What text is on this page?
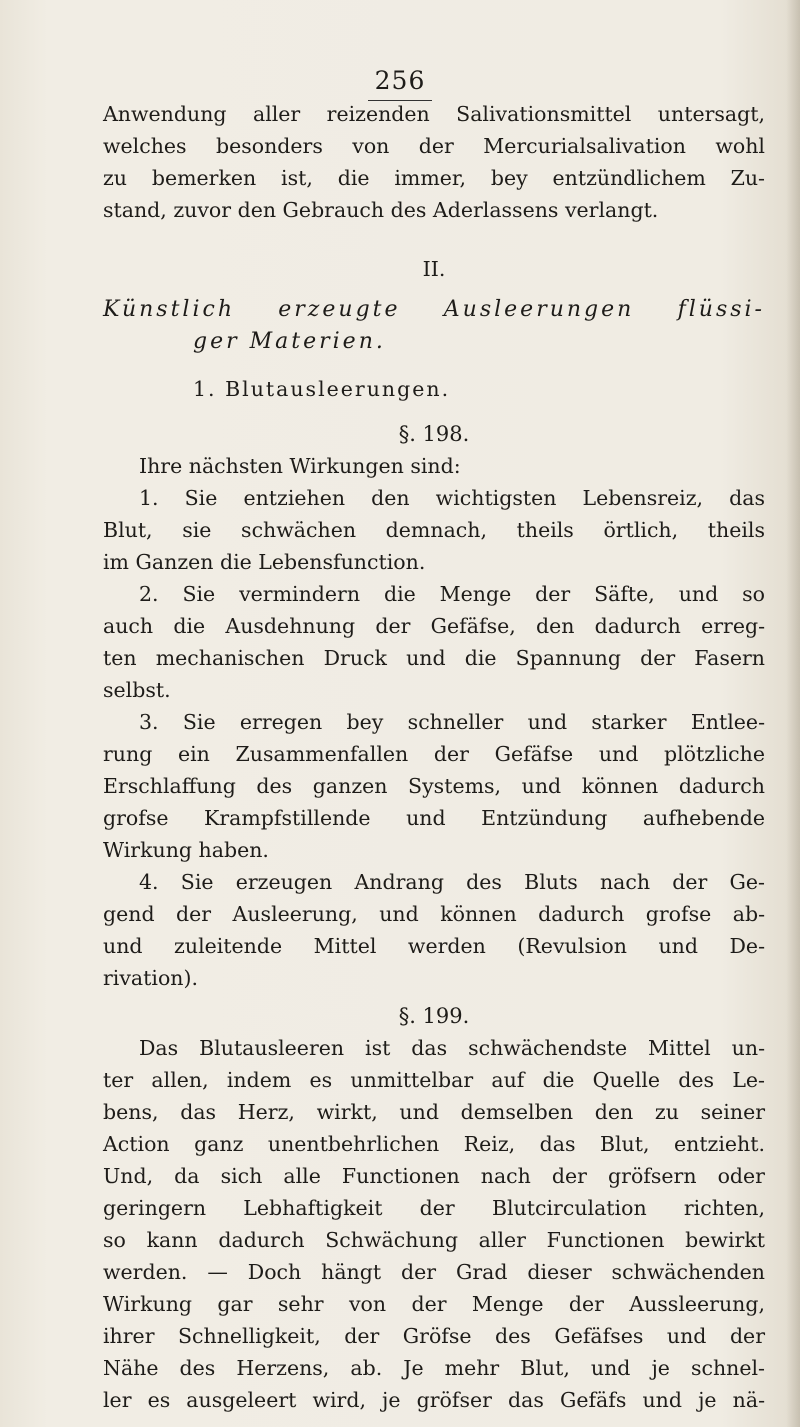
256
Anwendung aller reizenden Salivationsmittel untersagt,
welches besonders von der Mercurialsalivation wohl
zu bemerken ist, die immer, bey entzündlichem Zu-
stand, zuvor den Gebrauch des Aderlassens verlangt.
II.
Künstlich erzeugte Ausleerungen flüssi-
ger Materien.
1. Blutausleerungen.
§. 198.
Ihre nächsten Wirkungen sind:
1. Sie entziehen den wichtigsten Lebensreiz, das
Blut, sie schwächen demnach, theils örtlich, theils
im Ganzen die Lebensfunction.
2. Sie vermindern die Menge der Säfte, und so
auch die Ausdehnung der Gefäfse, den dadurch erreg-
ten mechanischen Druck und die Spannung der Fasern
selbst.
3. Sie erregen bey schneller und starker Entlee-
rung ein Zusammenfallen der Gefäfse und plötzliche
Erschlaffung des ganzen Systems, und können dadurch
grofse Krampfstillende und Entzündung aufhebende
Wirkung haben.
4. Sie erzeugen Andrang des Bluts nach der Ge-
gend der Ausleerung, und können dadurch grofse ab-
und zuleitende Mittel werden (Revulsion und De-
rivation).
§. 199.
Das Blutausleeren ist das schwächendste Mittel un-
ter allen, indem es unmittelbar auf die Quelle des Le-
bens, das Herz, wirkt, und demselben den zu seiner
Action ganz unentbehrlichen Reiz, das Blut, entzieht.
Und, da sich alle Functionen nach der gröfsern oder
geringern Lebhaftigkeit der Blutcirculation richten,
so kann dadurch Schwächung aller Functionen bewirkt
werden. — Doch hängt der Grad dieser schwächenden
Wirkung gar sehr von der Menge der Aussleerung,
ihrer Schnelligkeit, der Gröfse des Gefäfses und der
Nähe des Herzens, ab. Je mehr Blut, und je schnel-
ler es ausgeleert wird, je gröfser das Gefäfs und je nä-
